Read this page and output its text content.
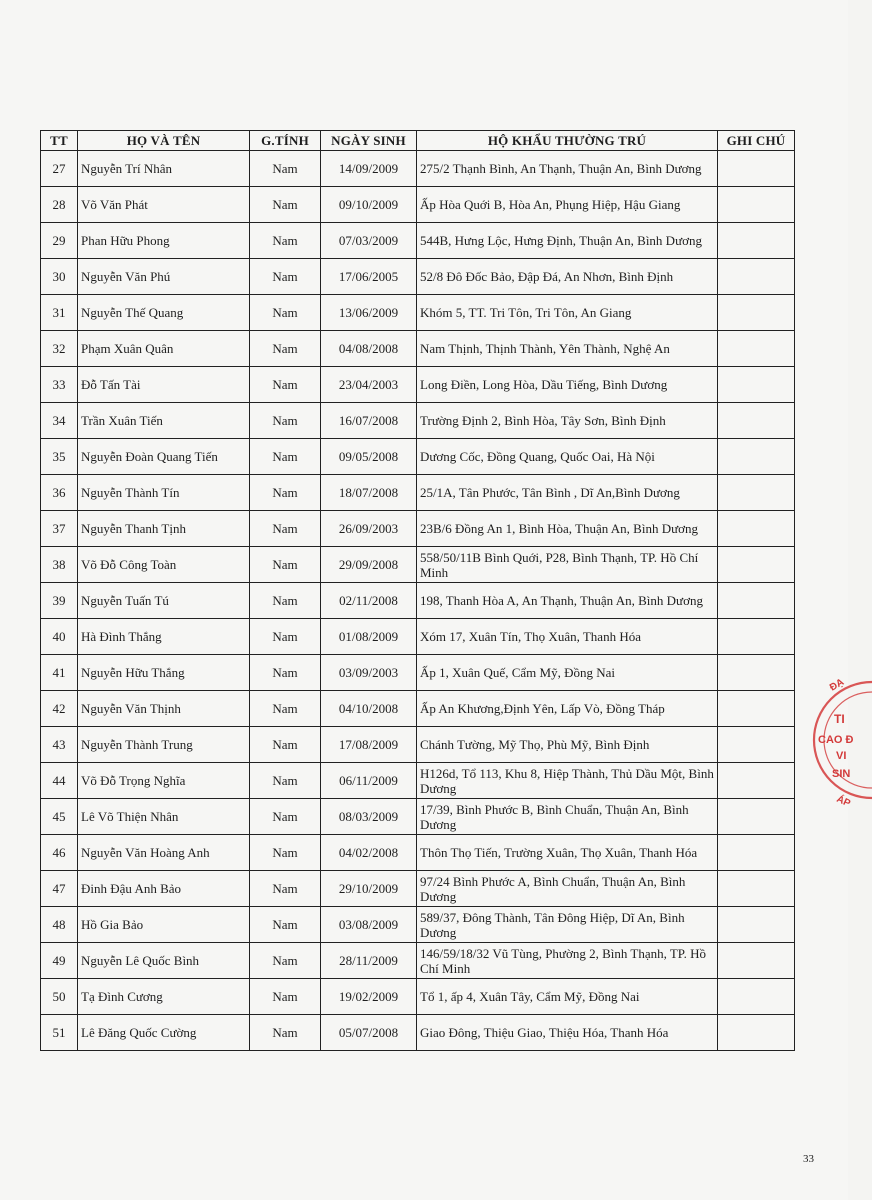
TT	HỌ VÀ TÊN	G.TÍNH	NGÀY SINH	HỘ KHẨU THƯỜNG TRÚ	GHI CHÚ
27	Nguyễn Trí Nhân	Nam	14/09/2009	275/2 Thạnh Bình, An Thạnh, Thuận An, Bình Dương	
28	Võ Văn Phát	Nam	09/10/2009	Ấp Hòa Quới B, Hòa An, Phụng Hiệp, Hậu Giang	
29	Phan Hữu Phong	Nam	07/03/2009	544B, Hưng Lộc, Hưng Định, Thuận An, Bình Dương	
30	Nguyễn Văn Phú	Nam	17/06/2005	52/8 Đô Đốc Bảo, Đập Đá, An Nhơn, Bình Định	
31	Nguyễn Thế Quang	Nam	13/06/2009	Khóm 5, TT. Tri Tôn, Tri Tôn, An Giang	
32	Phạm Xuân Quân	Nam	04/08/2008	Nam Thịnh, Thịnh Thành, Yên Thành, Nghệ An	
33	Đỗ Tấn Tài	Nam	23/04/2003	Long Điền, Long Hòa, Dầu Tiếng, Bình Dương	
34	Trần Xuân Tiến	Nam	16/07/2008	Trường Định 2, Bình Hòa, Tây Sơn, Bình Định	
35	Nguyễn Đoàn Quang Tiến	Nam	09/05/2008	Dương Cốc, Đồng Quang, Quốc Oai, Hà Nội	
36	Nguyễn Thành Tín	Nam	18/07/2008	25/1A, Tân Phước, Tân Bình , Dĩ An,Bình Dương	
37	Nguyễn Thanh Tịnh	Nam	26/09/2003	23B/6 Đồng An 1, Bình Hòa, Thuận An, Bình Dương	
38	Võ Đỗ Công Toàn	Nam	29/09/2008	558/50/11B Bình Quới, P28, Bình Thạnh, TP. Hồ Chí Minh	
39	Nguyễn Tuấn Tú	Nam	02/11/2008	198, Thanh Hòa A, An Thạnh, Thuận An, Bình Dương	
40	Hà Đình Thắng	Nam	01/08/2009	Xóm 17, Xuân Tín, Thọ Xuân, Thanh Hóa	
41	Nguyễn Hữu Thắng	Nam	03/09/2003	Ấp 1, Xuân Quế, Cẩm Mỹ, Đồng Nai	
42	Nguyễn Văn Thịnh	Nam	04/10/2008	Ấp An Khương,Định Yên, Lấp Vò, Đồng Tháp	
43	Nguyễn Thành Trung	Nam	17/08/2009	Chánh Tường, Mỹ Thọ, Phù Mỹ, Bình Định	
44	Võ Đỗ Trọng Nghĩa	Nam	06/11/2009	H126d, Tổ 113, Khu 8, Hiệp Thành, Thủ Dầu Một, Bình Dương	
45	Lê Võ Thiện Nhân	Nam	08/03/2009	17/39, Bình Phước B, Bình Chuẩn, Thuận An, Bình Dương	
46	Nguyễn Văn Hoàng Anh	Nam	04/02/2008	Thôn Thọ Tiến, Trường Xuân, Thọ Xuân, Thanh Hóa	
47	Đinh Đậu Anh Bảo	Nam	29/10/2009	97/24 Bình Phước A, Bình Chuẩn, Thuận An, Bình Dương	
48	Hồ Gia Bảo	Nam	03/08/2009	589/37, Đông Thành, Tân Đông Hiệp, Dĩ An, Bình Dương	
49	Nguyễn Lê Quốc Bình	Nam	28/11/2009	146/59/18/32 Vũ Tùng, Phường 2, Bình Thạnh, TP. Hồ Chí Minh	
50	Tạ Đình Cương	Nam	19/02/2009	Tổ 1, ấp 4, Xuân Tây, Cẩm Mỹ, Đồng Nai	
51	Lê Đăng Quốc Cường	Nam	05/07/2008	Giao Đông, Thiệu Giao, Thiệu Hóa, Thanh Hóa	
ĐẠ
TI
CAO Đ
VI
SIN
ÁP
33
